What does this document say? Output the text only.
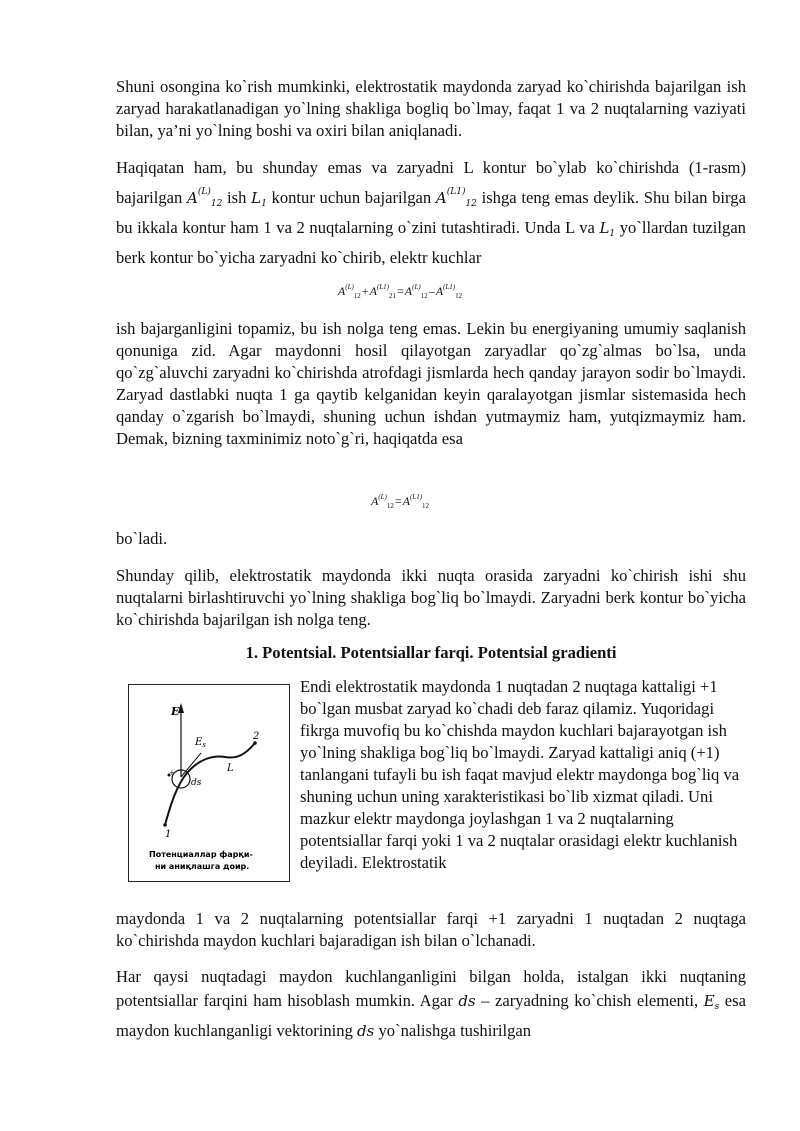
Shuni osongina ko`rish mumkinki, elektrostatik maydonda zaryad ko`chirishda bajarilgan ish zaryad harakatlanadigan yo`lning shakliga bogliq bo`lmay, faqat 1 va 2 nuqtalarning vaziyati bilan, ya’ni yo`lning boshi va oxiri bilan aniqlanadi.

Haqiqatan ham, bu shunday emas va zaryadni L kontur bo`ylab ko`chirishda (1-rasm) bajarilgan $A^{(L)}_{12}$ ish $L_1$ kontur uchun bajarilgan $A^{(L1)}_{12}$ ishga teng emas deylik. Shu bilan birga bu ikkala kontur ham 1 va 2 nuqtalarning o`zini tutashtiradi. Unda L va $L_1$ yo`llardan tuzilgan berk kontur bo`yicha zaryadni ko`chirib, elektr kuchlar

$A^{(L)}_{12}+A^{(L1)}_{21}=A^{(L)}_{12}-A^{(L1)}_{12}$

ish bajarganligini topamiz, bu ish nolga teng emas. Lekin bu energiyaning umumiy saqlanish qonuniga zid. Agar maydonni hosil qilayotgan zaryadlar qo`zg`almas bo`lsa, unda qo`zg`aluvchi zaryadni ko`chirishda atrofdagi jismlarda hech qanday jarayon sodir bo`lmaydi. Zaryad dastlabki nuqta 1 ga qaytib kelganidan keyin qaralayotgan jismlar sistemasida hech qanday o`zgarish bo`lmaydi, shuning uchun ishdan yutmaymiz ham, yutqizmaymiz ham. Demak, bizning taxminimiz noto`g`ri, haqiqatda esa

$A^{(L)}_{12}=A^{(L1)}_{12}$

bo`ladi.

Shunday qilib, elektrostatik maydonda ikki nuqta orasida zaryadni ko`chirish ishi shu nuqtalarni birlashtiruvchi yo`lning shakliga bog`liq bo`lmaydi. Zaryadni berk kontur bo`yicha ko`chirishda bajarilgan ish nolga teng.

1. Potentsial. Potentsiallar farqi. Potentsial gradienti
E
$E_s$
2
L
ds
+
1
Потенциаллар фарқи-
ни аниқлашга доир.

Endi elektrostatik maydonda 1 nuqtadan 2 nuqtaga kattaligi +1 bo`lgan musbat zaryad ko`chadi deb faraz qilamiz. Yuqoridagi fikrga muvofiq bu ko`chishda maydon kuchlari bajarayotgan ish yo`lning shakliga bog`liq bo`lmaydi. Zaryad kattaligi aniq (+1) tanlangani tufayli bu ish faqat mavjud elektr maydonga bog`liq va shuning uchun uning xarakteristikasi bo`lib xizmat qiladi. Uni mazkur elektr maydonga joylashgan 1 va 2 nuqtalarning potentsiallar farqi yoki 1 va 2 nuqtalar orasidagi elektr kuchlanish deyiladi. Elektrostatik

maydonda 1 va 2 nuqtalarning potentsiallar farqi +1 zaryadni 1 nuqtadan 2 nuqtaga ko`chirishda maydon kuchlari bajaradigan ish bilan o`lchanadi.

Har qaysi nuqtadagi maydon kuchlanganligini bilgan holda, istalgan ikki nuqtaning potentsiallar farqini ham hisoblash mumkin. Agar ds – zaryadning ko`chish elementi, $E_s$ esa maydon kuchlanganligi vektorining ds yo`nalishga tushirilgan
